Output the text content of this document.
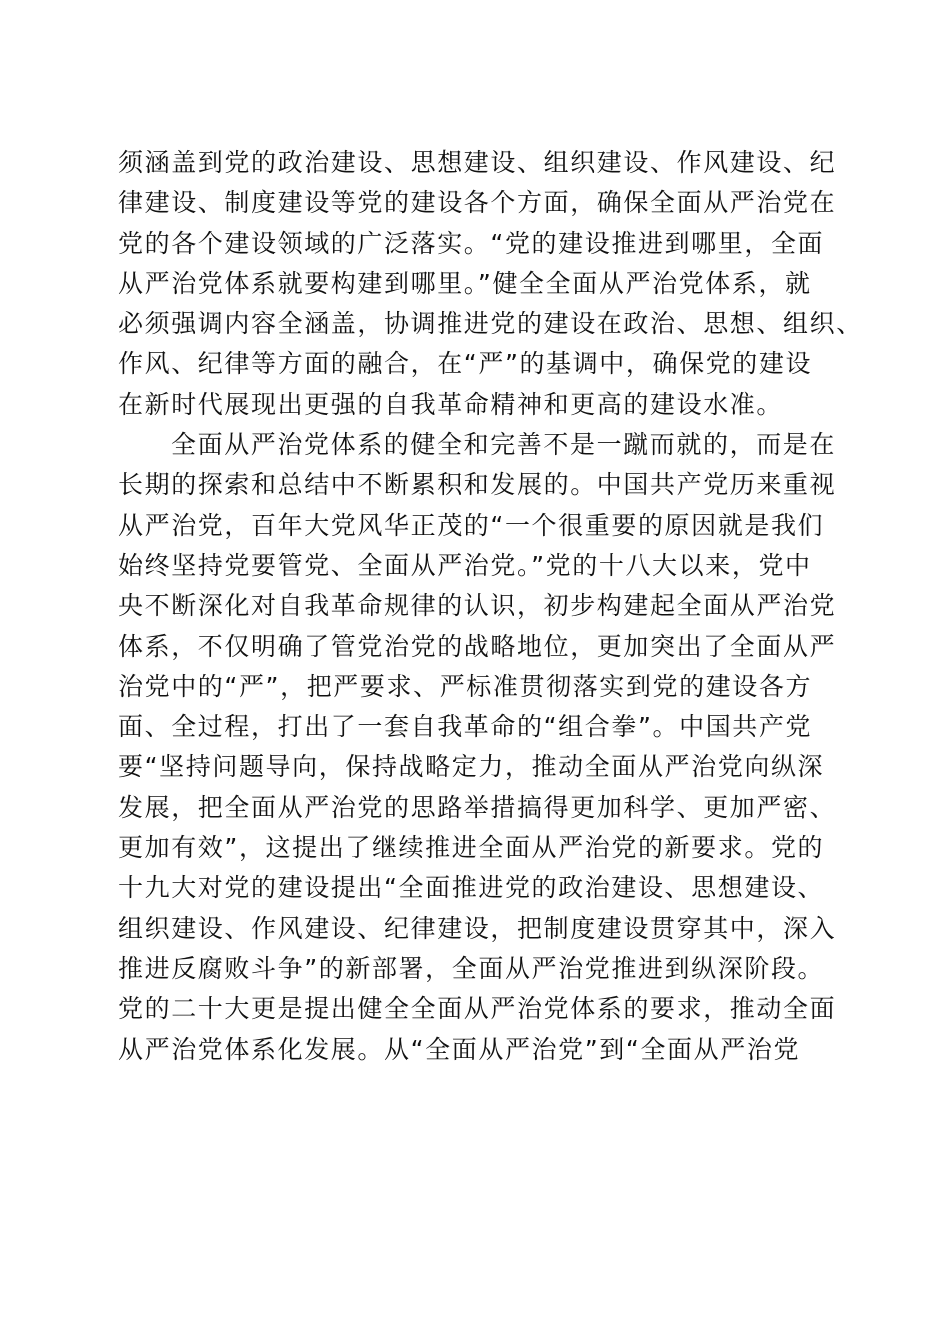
须涵盖到党的政治建设、思想建设、组织建设、作风建设、纪
律建设、制度建设等党的建设各个方面，确保全面从严治党在
党的各个建设领域的广泛落实。“党的建设推进到哪里，全面
从严治党体系就要构建到哪里。”健全全面从严治党体系，就
必须强调内容全涵盖，协调推进党的建设在政治、思想、组织、
作风、纪律等方面的融合，在“严”的基调中，确保党的建设
在新时代展现出更强的自我革命精神和更高的建设水准。
全面从严治党体系的健全和完善不是一蹴而就的，而是在
长期的探索和总结中不断累积和发展的。中国共产党历来重视
从严治党，百年大党风华正茂的“一个很重要的原因就是我们
始终坚持党要管党、全面从严治党。”党的十八大以来，党中
央不断深化对自我革命规律的认识，初步构建起全面从严治党
体系，不仅明确了管党治党的战略地位，更加突出了全面从严
治党中的“严”，把严要求、严标准贯彻落实到党的建设各方
面、全过程，打出了一套自我革命的“组合拳”。中国共产党
要“坚持问题导向，保持战略定力，推动全面从严治党向纵深
发展，把全面从严治党的思路举措搞得更加科学、更加严密、
更加有效”，这提出了继续推进全面从严治党的新要求。党的
十九大对党的建设提出“全面推进党的政治建设、思想建设、
组织建设、作风建设、纪律建设，把制度建设贯穿其中，深入
推进反腐败斗争”的新部署，全面从严治党推进到纵深阶段。
党的二十大更是提出健全全面从严治党体系的要求，推动全面
从严治党体系化发展。从“全面从严治党”到“全面从严治党
